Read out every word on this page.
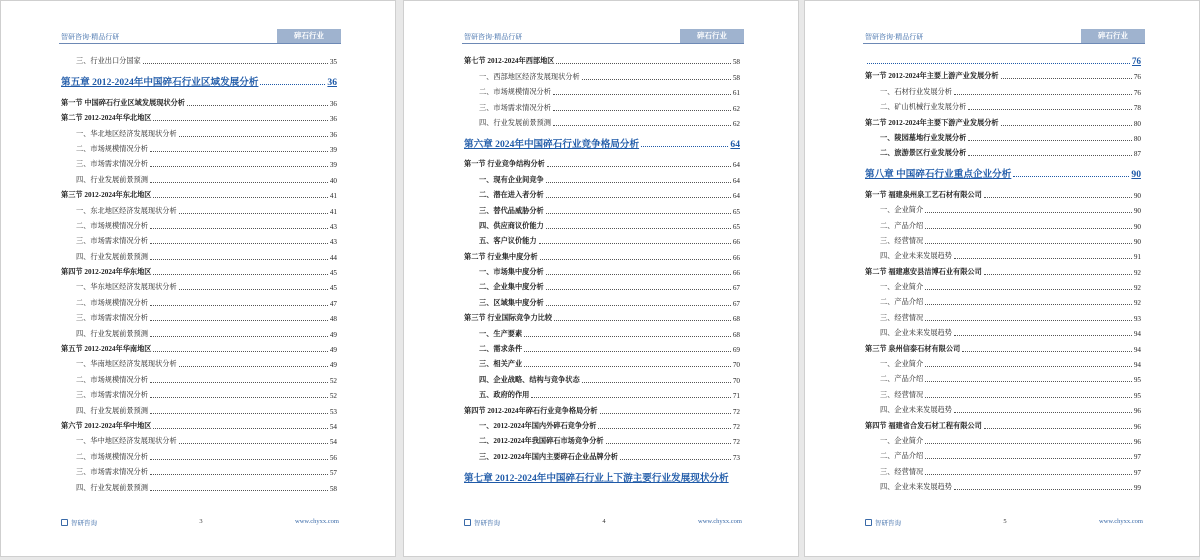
智研咨询·精品行研	碎石行业
三、行业出口分国家	35
第五章 2012-2024年中国碎石行业区域发展分析	36
第一节 中国碎石行业区域发展现状分析	36
第二节 2012-2024年华北地区	36
一、华北地区经济发展现状分析	36
二、市场规模情况分析	39
三、市场需求情况分析	39
四、行业发展前景预测	40
第三节 2012-2024年东北地区	41
一、东北地区经济发展现状分析	41
二、市场规模情况分析	43
三、市场需求情况分析	43
四、行业发展前景预测	44
第四节 2012-2024年华东地区	45
一、华东地区经济发展现状分析	45
二、市场规模情况分析	47
三、市场需求情况分析	48
四、行业发展前景预测	49
第五节 2012-2024年华南地区	49
一、华南地区经济发展现状分析	49
二、市场规模情况分析	52
三、市场需求情况分析	52
四、行业发展前景预测	53
第六节 2012-2024年华中地区	54
一、华中地区经济发展现状分析	54
二、市场规模情况分析	56
三、市场需求情况分析	57
四、行业发展前景预测	58
智研咨询	3	www.chyxx.com
智研咨询·精品行研	碎石行业
第七节 2012-2024年西部地区	58
一、西部地区经济发展现状分析	58
二、市场规模情况分析	61
三、市场需求情况分析	62
四、行业发展前景预测	62
第六章 2024年中国碎石行业竞争格局分析	64
第一节 行业竞争结构分析	64
一、现有企业间竞争	64
二、潜在进入者分析	64
三、替代品威胁分析	65
四、供应商议价能力	65
五、客户议价能力	66
第二节 行业集中度分析	66
一、市场集中度分析	66
二、企业集中度分析	67
三、区域集中度分析	67
第三节 行业国际竞争力比较	68
一、生产要素	68
二、需求条件	69
三、相关产业	70
四、企业战略、结构与竞争状态	70
五、政府的作用	71
第四节 2012-2024年碎石行业竞争格局分析	72
一、2012-2024年国内外碎石竞争分析	72
二、2012-2024年我国碎石市场竞争分析	72
三、2012-2024年国内主要碎石企业品牌分析	73
第七章 2012-2024年中国碎石行业上下游主要行业发展现状分析
智研咨询	4	www.chyxx.com
智研咨询·精品行研	碎石行业
76
第一节 2012-2024年主要上游产业发展分析	76
一、石材行业发展分析	76
二、矿山机械行业发展分析	78
第二节 2012-2024年主要下游产业发展分析	80
一、陵园墓地行业发展分析	80
二、旅游景区行业发展分析	87
第八章 中国碎石行业重点企业分析	90
第一节 福建泉州泉工艺石材有限公司	90
一、企业简介	90
二、产品介绍	90
三、经营情况	90
四、企业未来发展趋势	91
第二节 福建惠安县洁博石业有限公司	92
一、企业简介	92
二、产品介绍	92
三、经营情况	93
四、企业未来发展趋势	94
第三节 泉州信泰石材有限公司	94
一、企业简介	94
二、产品介绍	95
三、经营情况	95
四、企业未来发展趋势	96
第四节 福建省合发石材工程有限公司	96
一、企业简介	96
二、产品介绍	97
三、经营情况	97
四、企业未来发展趋势	99
智研咨询	5	www.chyxx.com
